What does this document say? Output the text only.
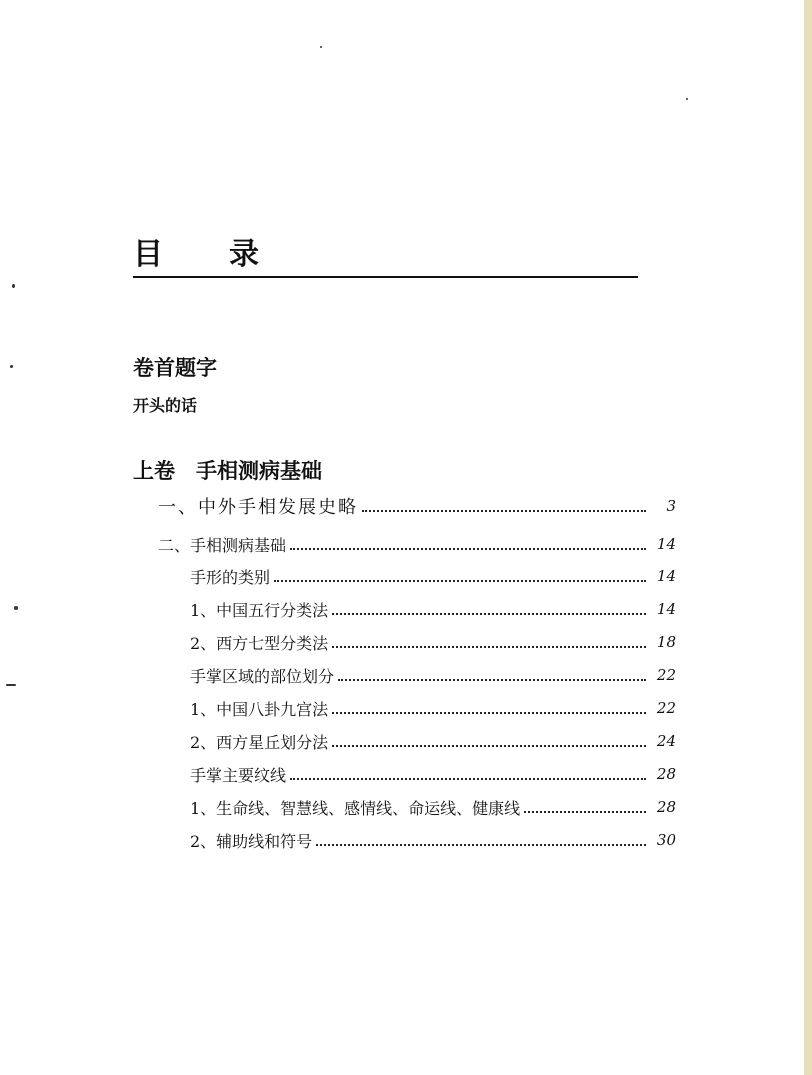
目 录
卷首题字
开头的话
上卷　手相测病基础
一、中外手相发展史略	3
二、手相测病基础	14
手形的类别	14
1、中国五行分类法	14
2、西方七型分类法	18
手掌区域的部位划分	22
1、中国八卦九宫法	22
2、西方星丘划分法	24
手掌主要纹线	28
1、生命线、智慧线、感情线、命运线、健康线	28
2、辅助线和符号	30
